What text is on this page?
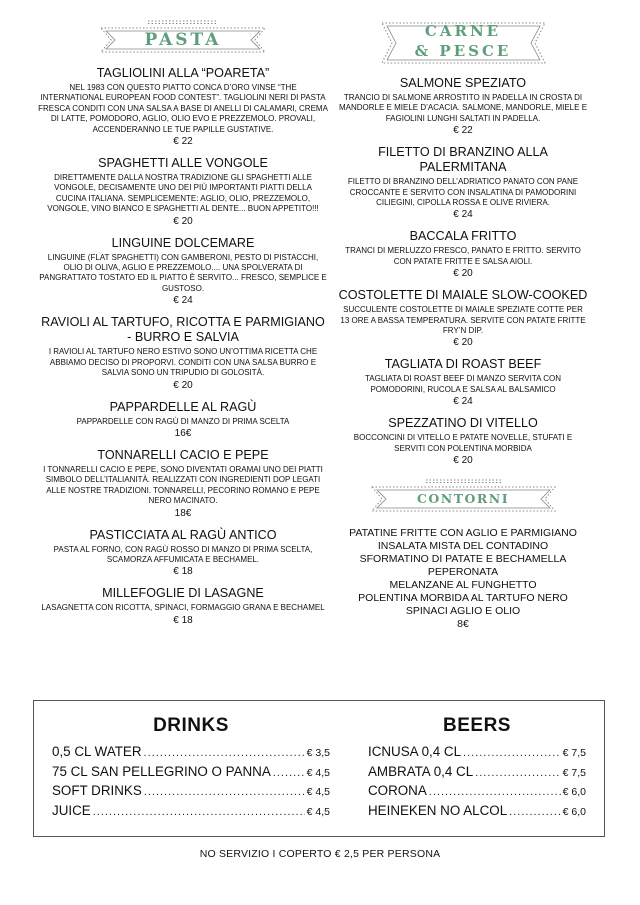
PASTA
TAGLIOLINI ALLA “POARETA”
NEL 1983 CON QUESTO PIATTO CONCA D’ORO VINSE “THE INTERNATIONAL EUROPEAN FOOD CONTEST”. TAGLIOLINI NERI DI PASTA FRESCA CONDITI CON UNA SALSA A BASE DI ANELLI DI CALAMARI, CREMA DI LATTE, POMODORO, AGLIO, OLIO EVO E PREZZEMOLO. PROVALI, ACCENDERANNO LE TUE PAPILLE GUSTATIVE.
€ 22
SPAGHETTI ALLE VONGOLE
DIRETTAMENTE DALLA NOSTRA TRADIZIONE GLI SPAGHETTI ALLE VONGOLE, DECISAMENTE UNO DEI PIÙ IMPORTANTI PIATTI DELLA CUCINA ITALIANA. SEMPLICEMENTE: AGLIO, OLIO, PREZZEMOLO, VONGOLE, VINO BIANCO E SPAGHETTI AL DENTE... BUON APPETITO!!!
€ 20
LINGUINE DOLCEMARE
LINGUINE (FLAT SPAGHETTI) CON GAMBERONI, PESTO DI PISTACCHI, OLIO DI OLIVA, AGLIO E PREZZEMOLO.... UNA SPOLVERATA DI PANGRATTATO TOSTATO ED IL PIATTO È SERVITO... FRESCO, SEMPLICE E GUSTOSO.
€ 24
RAVIOLI AL TARTUFO, RICOTTA E PARMIGIANO - BURRO E SALVIA
I RAVIOLI AL TARTUFO NERO ESTIVO SONO UN’OTTIMA RICETTA CHE ABBIAMO DECISO DI PROPORVI. CONDITI CON UNA SALSA BURRO E SALVIA SONO UN TRIPUDIO DI GOLOSITÀ.
€ 20
PAPPARDELLE AL RAGÙ
PAPPARDELLE CON RAGÙ DI MANZO DI PRIMA SCELTA
16€
TONNARELLI CACIO E PEPE
I TONNARELLI CACIO E PEPE, SONO DIVENTATI ORAMAI UNO DEI PIATTI SIMBOLO DELL’ITALIANITÀ. REALIZZATI CON INGREDIENTI DOP LEGATI ALLE NOSTRE TRADIZIONI. TONNARELLI, PECORINO ROMANO E PEPE NERO MACINATO.
18€
PASTICCIATA AL RAGÙ ANTICO
PASTA AL FORNO, CON RAGÙ ROSSO DI MANZO DI PRIMA SCELTA, SCAMORZA AFFUMICATA E BECHAMEL.
€ 18
MILLEFOGLIE DI LASAGNE
LASAGNETTA CON RICOTTA, SPINACI, FORMAGGIO GRANA E BECHAMEL
€ 18
CARNE
& PESCE
SALMONE SPEZIATO
TRANCIO DI SALMONE ARROSTITO IN PADELLA IN CROSTA DI MANDORLE E MIELE D’ACACIA. SALMONE, MANDORLE, MIELE E FAGIOLINI LUNGHI SALTATI IN PADELLA.
€ 22
FILETTO DI BRANZINO ALLA PALERMITANA
FILETTO DI BRANZINO DELL’ADRIATICO PANATO CON PANE CROCCANTE E SERVITO CON INSALATINA DI PAMODORINI CILIEGINI, CIPOLLA ROSSA E OLIVE RIVIERA.
€ 24
BACCALA FRITTO
TRANCI DI MERLUZZO FRESCO, PANATO E FRITTO. SERVITO CON PATATE FRITTE E SALSA AIOLI.
€ 20
COSTOLETTE DI MAIALE SLOW-COOKED
SUCCULENTE COSTOLETTE DI MAIALE SPEZIATE COTTE PER 13 ORE A BASSA TEMPERATURA. SERVITE CON PATATE FRITTE FRY’N DIP.
€ 20
TAGLIATA DI ROAST BEEF
TAGLIATA DI ROAST BEEF DI MANZO SERVITA CON POMODORINI, RUCOLA E SALSA AL BALSAMICO
€ 24
SPEZZATINO DI VITELLO
BOCCONCINI DI VITELLO E PATATE NOVELLE, STUFATI E SERVITI CON POLENTINA MORBIDA
€ 20
CONTORNI
PATATINE FRITTE CON AGLIO E PARMIGIANO
INSALATA MISTA DEL CONTADINO
SFORMATINO DI PATATE E BECHAMELLA
PEPERONATA
MELANZANE AL FUNGHETTO
POLENTINA MORBIDA AL TARTUFO NERO
SPINACI AGLIO E OLIO
8€
DRINKS
0,5 CL WATER .....	€ 3,5
75 CL SAN PELLEGRINO O PANNA .....	€ 4,5
SOFT DRINKS .....	€ 4,5
JUICE .....	€ 4,5
BEERS
ICNUSA 0,4 CL .....	€ 7,5
AMBRATA 0,4 CL .....	€ 7,5
CORONA .....	€ 6,0
HEINEKEN NO ALCOL .....	€ 6,0
NO SERVIZIO I COPERTO € 2,5 PER PERSONA
